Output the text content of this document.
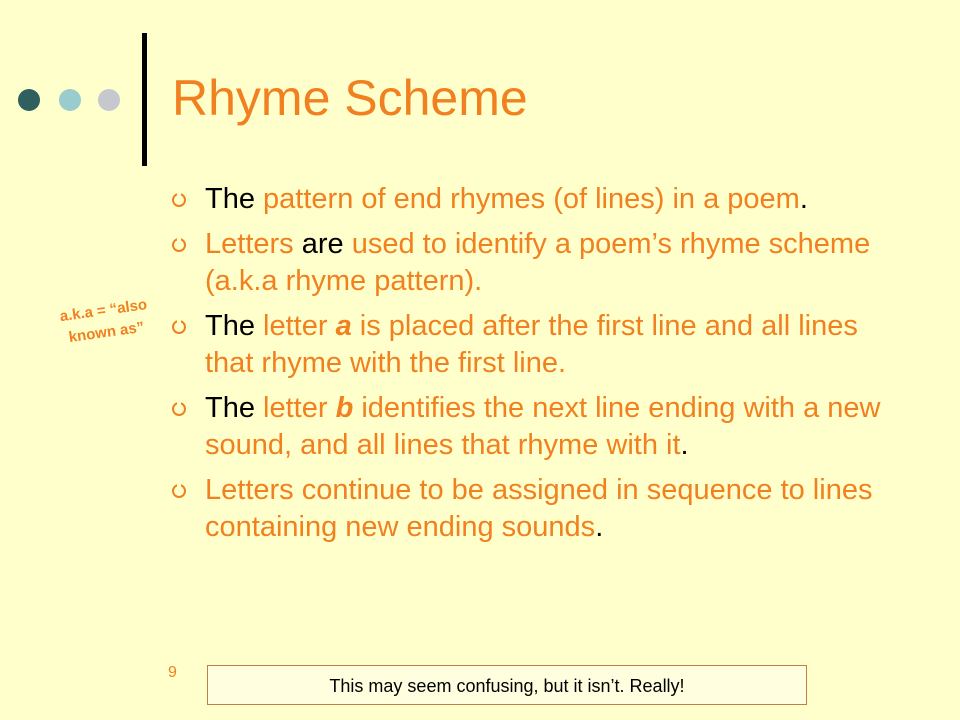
Rhyme Scheme
a.k.a = “also
known as”
The pattern of end rhymes (of lines) in a poem.
Letters are used to identify a poem’s rhyme scheme (a.k.a rhyme pattern).
The letter a is placed after the first line and all lines that rhyme with the first line.
The letter b identifies the next line ending with a new sound, and all lines that rhyme with it.
Letters continue to be assigned in sequence to lines containing new ending sounds.
9
This may seem confusing, but it isn’t. Really!
